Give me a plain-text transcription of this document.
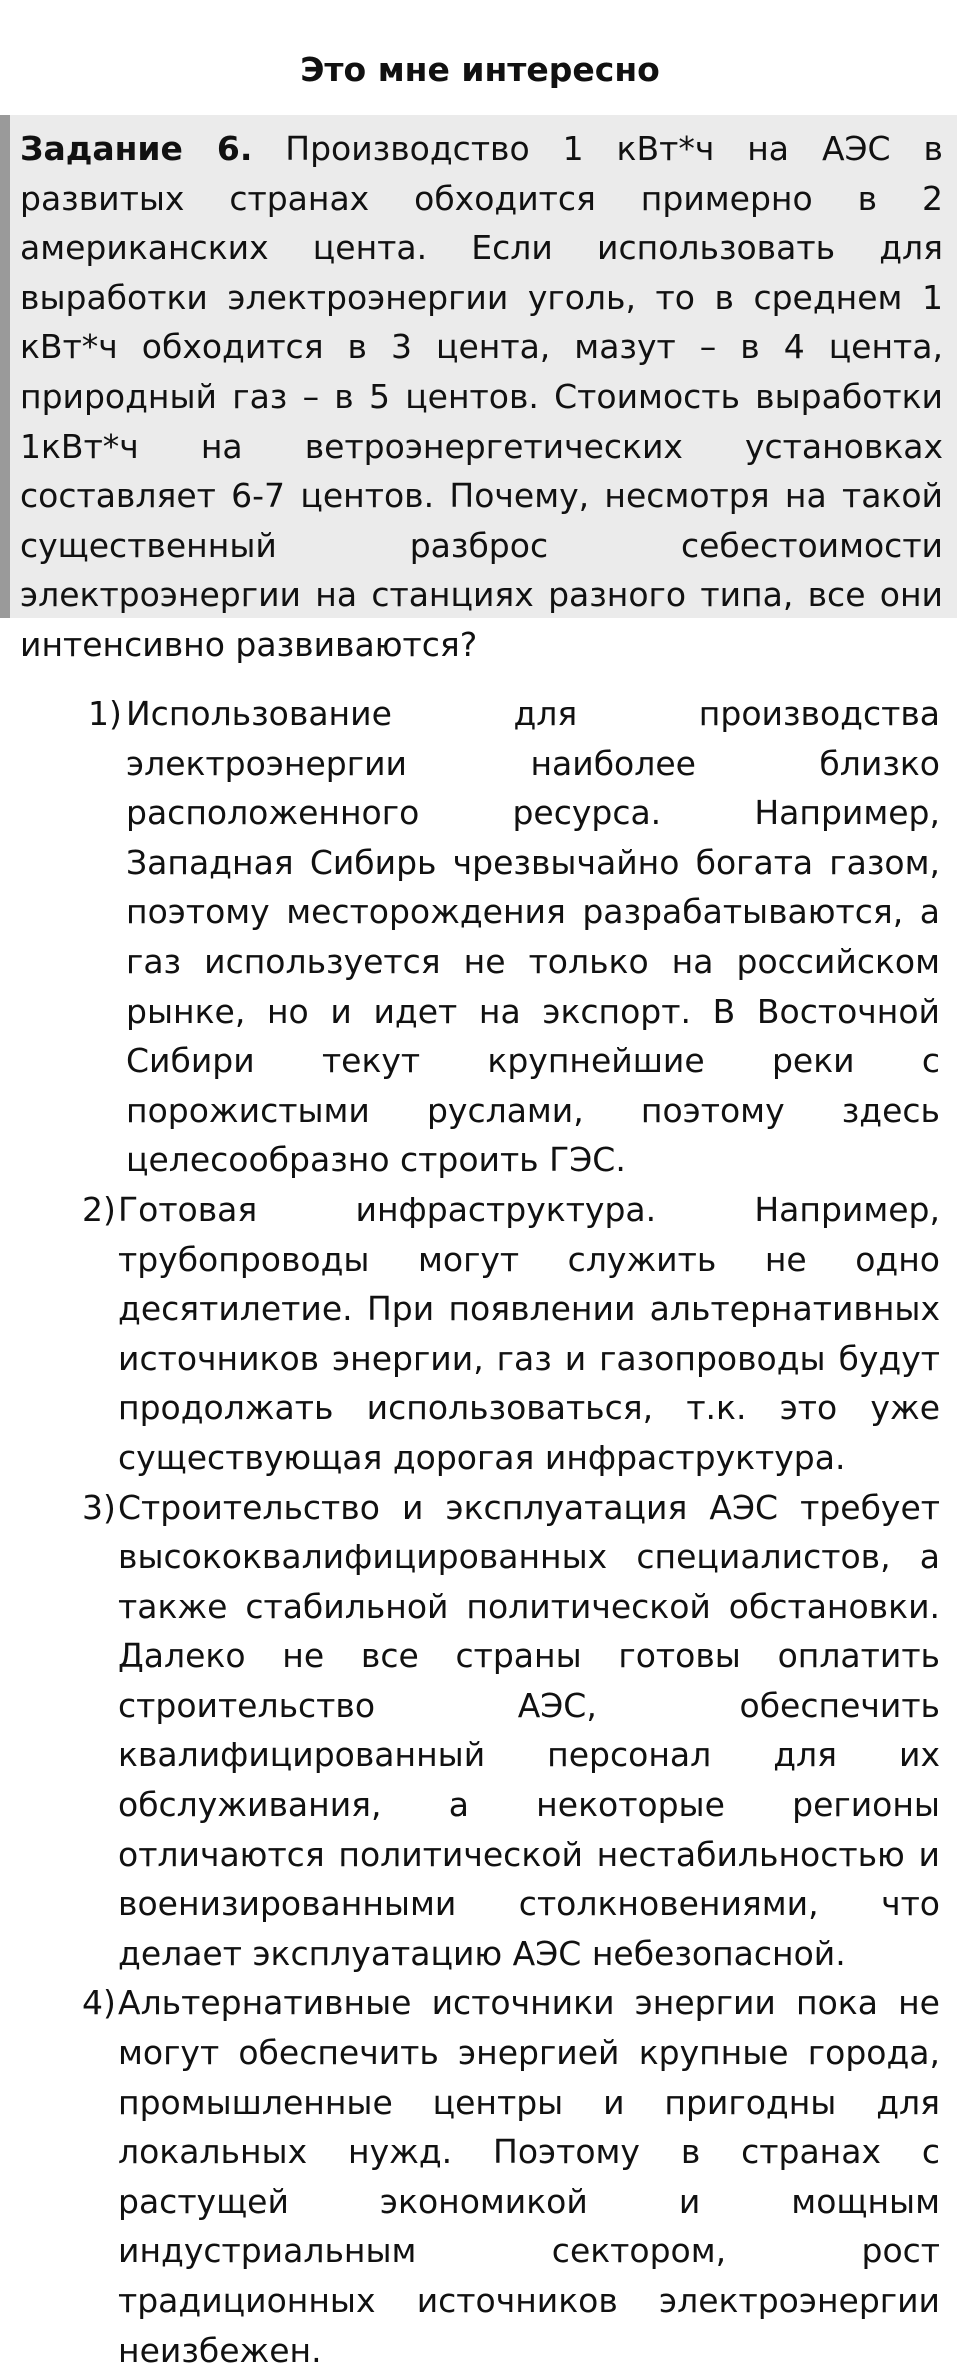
Это мне интересно
Задание 6. Производство 1 кВт*ч на АЭС в развитых странах обходится примерно в 2 американских цента. Если использовать для выработки электроэнергии уголь, то в среднем 1 кВт*ч обходится в 3 цента, мазут – в 4 цента, природный газ – в 5 центов. Стоимость выработки 1кВт*ч на ветроэнергетических установках составляет 6-7 центов. Почему, несмотря на такой существенный разброс себестоимости электроэнергии на станциях разного типа, все они интенсивно развиваются?
1) Использование для производства электроэнергии наиболее близко расположенного ресурса. Например, Западная Сибирь чрезвычайно богата газом, поэтому месторождения разрабатываются, а газ используется не только на российском рынке, но и идет на экспорт. В Восточной Сибири текут крупнейшие реки с порожистыми руслами, поэтому здесь целесообразно строить ГЭС.
2) Готовая инфраструктура. Например, трубопроводы могут служить не одно десятилетие. При появлении альтернативных источников энергии, газ и газопроводы будут продолжать использоваться, т.к. это уже существующая дорогая инфраструктура.
3) Строительство и эксплуатация АЭС требует высококвалифицированных специалистов, а также стабильной политической обстановки. Далеко не все страны готовы оплатить строительство АЭС, обеспечить квалифицированный персонал для их обслуживания, а некоторые регионы отличаются политической нестабильностью и военизированными столкновениями, что делает эксплуатацию АЭС небезопасной.
4) Альтернативные источники энергии пока не могут обеспечить энергией крупные города, промышленные центры и пригодны для локальных нужд. Поэтому в странах с растущей экономикой и мощным индустриальным сектором, рост традиционных источников электроэнергии неизбежен.
